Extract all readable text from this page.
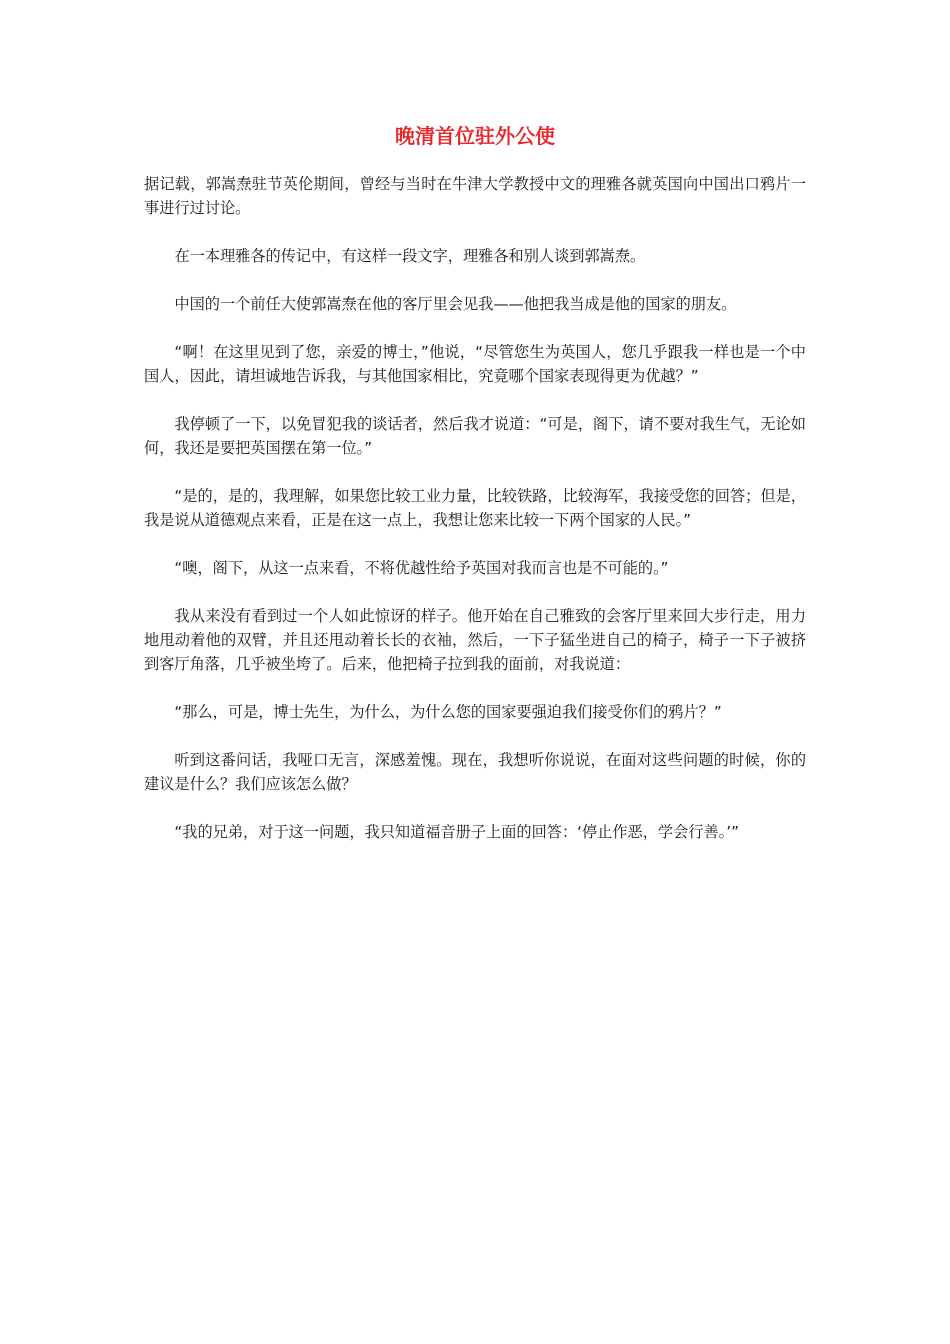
晚清首位驻外公使

据记载，郭嵩焘驻节英伦期间，曾经与当时在牛津大学教授中文的理雅各就英国向中国出口鸦片一事进行过讨论。

在一本理雅各的传记中，有这样一段文字，理雅各和别人谈到郭嵩焘。

中国的一个前任大使郭嵩焘在他的客厅里会见我——他把我当成是他的国家的朋友。

“啊！在这里见到了您，亲爱的博士，”他说，“尽管您生为英国人，您几乎跟我一样也是一个中国人，因此，请坦诚地告诉我，与其他国家相比，究竟哪个国家表现得更为优越？”

我停顿了一下，以免冒犯我的谈话者，然后我才说道：“可是，阁下，请不要对我生气，无论如何，我还是要把英国摆在第一位。”

“是的，是的，我理解，如果您比较工业力量，比较铁路，比较海军，我接受您的回答；但是，我是说从道德观点来看，正是在这一点上，我想让您来比较一下两个国家的人民。”

“噢，阁下，从这一点来看，不将优越性给予英国对我而言也是不可能的。”

我从来没有看到过一个人如此惊讶的样子。他开始在自己雅致的会客厅里来回大步行走，用力地甩动着他的双臂，并且还甩动着长长的衣袖，然后，一下子猛坐进自己的椅子，椅子一下子被挤到客厅角落，几乎被坐垮了。后来，他把椅子拉到我的面前，对我说道：

“那么，可是，博士先生，为什么，为什么您的国家要强迫我们接受你们的鸦片？”

听到这番问话，我哑口无言，深感羞愧。现在，我想听你说说，在面对这些问题的时候，你的建议是什么？我们应该怎么做？

“我的兄弟，对于这一问题，我只知道福音册子上面的回答：‘停止作恶，学会行善。’”
